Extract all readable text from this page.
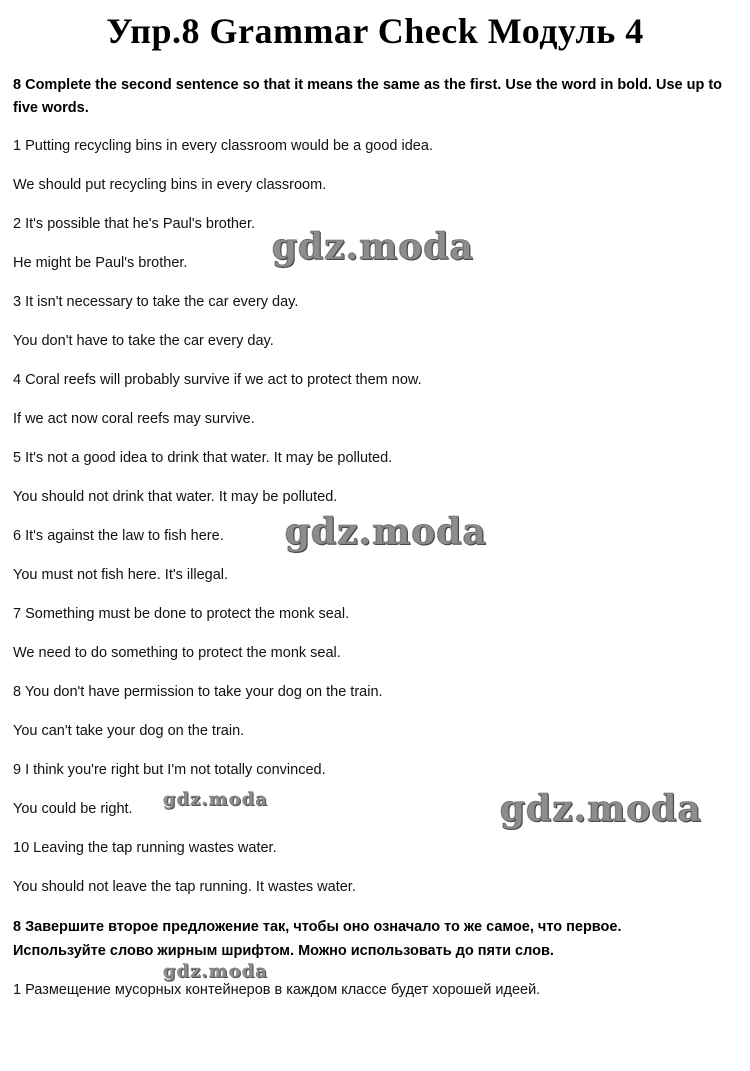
Упр.8 Grammar Check Модуль 4
8 Complete the second sentence so that it means the same as the first. Use the word in bold. Use up to five words.
1 Putting recycling bins in every classroom would be a good idea.
We should put recycling bins in every classroom.
2 It's possible that he's Paul's brother.
He might be Paul's brother.
3 It isn't necessary to take the car every day.
You don't have to take the car every day.
4 Coral reefs will probably survive if we act to protect them now.
If we act now coral reefs may survive.
5 It's not a good idea to drink that water. It may be polluted.
You should not drink that water. It may be polluted.
6 It's against the law to fish here.
You must not fish here. It's illegal.
7 Something must be done to protect the monk seal.
We need to do something to protect the monk seal.
8 You don't have permission to take your dog on the train.
You can't take your dog on the train.
9 I think you're right but I'm not totally convinced.
You could be right.
10 Leaving the tap running wastes water.
You should not leave the tap running. It wastes water.
8 Завершите второе предложение так, чтобы оно означало то же самое, что первое.
Используйте слово жирным шрифтом. Можно использовать до пяти слов.
1 Размещение мусорных контейнеров в каждом классе будет хорошей идеей.
gdz.moda
gdz.moda
gdz.moda
gdz.moda
gdz.moda
